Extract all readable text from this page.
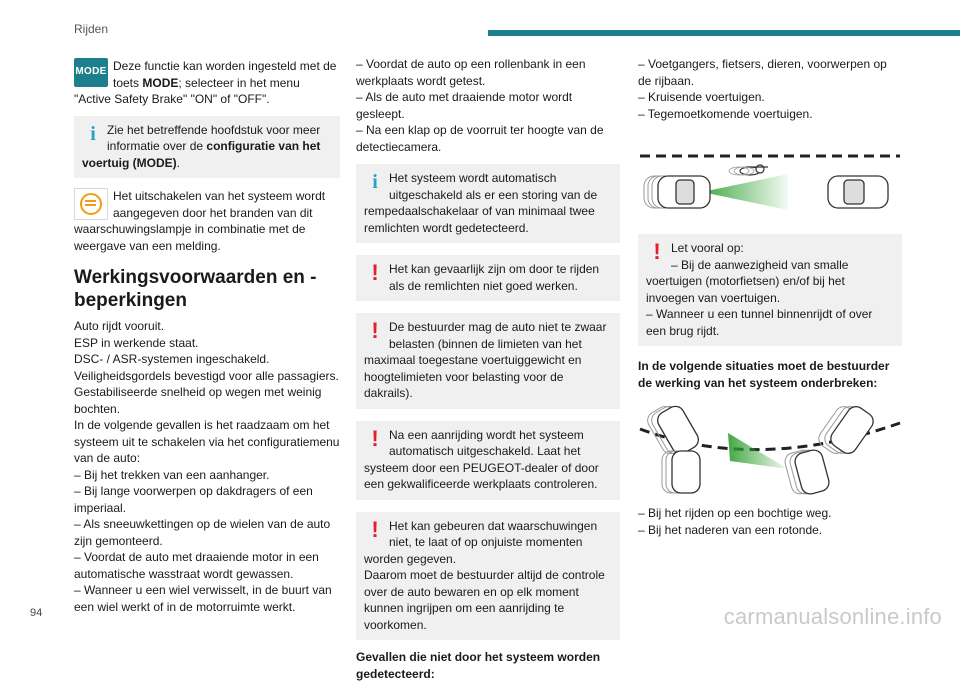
Rijden
MODE Deze functie kan worden ingesteld met de toets MODE; selecteer in het menu "Active Safety Brake" "ON" of "OFF".

i Zie het betreffende hoofdstuk voor meer informatie over de configuratie van het voertuig (MODE).

Het uitschakelen van het systeem wordt aangegeven door het branden van dit waarschuwingslampje in combinatie met de weergave van een melding.

Werkingsvoorwaarden en -beperkingen

Auto rijdt vooruit.

ESP in werkende staat.

DSC- / ASR-systemen ingeschakeld.

Veiligheidsgordels bevestigd voor alle passagiers.

Gestabiliseerde snelheid op wegen met weinig bochten.

In de volgende gevallen is het raadzaam om het systeem uit te schakelen via het configuratiemenu van de auto:

– Bij het trekken van een aanhanger.

– Bij lange voorwerpen op dakdragers of een imperiaal.

– Als sneeuwkettingen op de wielen van de auto zijn gemonteerd.

– Voordat de auto met draaiende motor in een automatische wasstraat wordt gewassen.

– Wanneer u een wiel verwisselt, in de buurt van een wiel werkt of in de motorruimte werkt.

– Voordat de auto op een rollenbank in een werkplaats wordt getest.

– Als de auto met draaiende motor wordt gesleept.

– Na een klap op de voorruit ter hoogte van de detectiecamera.

i Het systeem wordt automatisch uitgeschakeld als er een storing van de rempedaalschakelaar of van minimaal twee remlichten wordt gedetecteerd.

! Het kan gevaarlijk zijn om door te rijden als de remlichten niet goed werken.

! De bestuurder mag de auto niet te zwaar belasten (binnen de limieten van het maximaal toegestane voertuiggewicht en hoogtelimieten voor belasting voor de dakrails).

! Na een aanrijding wordt het systeem automatisch uitgeschakeld. Laat het systeem door een PEUGEOT-dealer of door een gekwalificeerde werkplaats controleren.

! Het kan gebeuren dat waarschuwingen niet, te laat of op onjuiste momenten worden gegeven.

Daarom moet de bestuurder altijd de controle over de auto bewaren en op elk moment kunnen ingrijpen om een aanrijding te voorkomen.

Gevallen die niet door het systeem worden gedetecteerd:

– Voetgangers, fietsers, dieren, voorwerpen op de rijbaan.

– Kruisende voertuigen.

– Tegemoetkomende voertuigen.

! Let vooral op:

– Bij de aanwezigheid van smalle voertuigen (motorfietsen) en/of bij het invoegen van voertuigen.

– Wanneer u een tunnel binnenrijdt of over een brug rijdt.

In de volgende situaties moet de bestuurder de werking van het systeem onderbreken:

– Bij het rijden op een bochtige weg.

– Bij het naderen van een rotonde.

94	carmanualsonline.info
